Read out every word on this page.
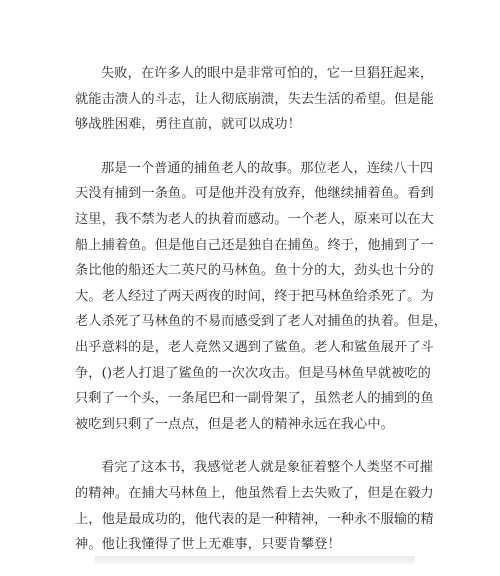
失败，在许多人的眼中是非常可怕的，它一旦猖狂起来，
就能击溃人的斗志，让人彻底崩溃，失去生活的希望。但是能
够战胜困难，勇往直前，就可以成功！
那是一个普通的捕鱼老人的故事。那位老人，连续八十四
天没有捕到一条鱼。可是他并没有放弃，他继续捕着鱼。看到
这里，我不禁为老人的执着而感动。一个老人，原来可以在大
船上捕着鱼。但是他自己还是独自在捕鱼。终于，他捕到了一
条比他的船还大二英尺的马林鱼。鱼十分的大，劲头也十分的
大。老人经过了两天两夜的时间，终于把马林鱼给杀死了。为
老人杀死了马林鱼的不易而感受到了老人对捕鱼的执着。但是，
出乎意料的是，老人竟然又遇到了鲨鱼。老人和鲨鱼展开了斗
争，()老人打退了鲨鱼的一次次攻击。但是马林鱼早就被吃的
只剩了一个头，一条尾巴和一副骨架了，虽然老人的捕到的鱼
被吃到只剩了一点点，但是老人的精神永远在我心中。
看完了这本书，我感觉老人就是象征着整个人类坚不可摧
的精神。在捕大马林鱼上，他虽然看上去失败了，但是在毅力
上，他是最成功的，他代表的是一种精神，一种永不服输的精
神。他让我懂得了世上无难事，只要肯攀登！
